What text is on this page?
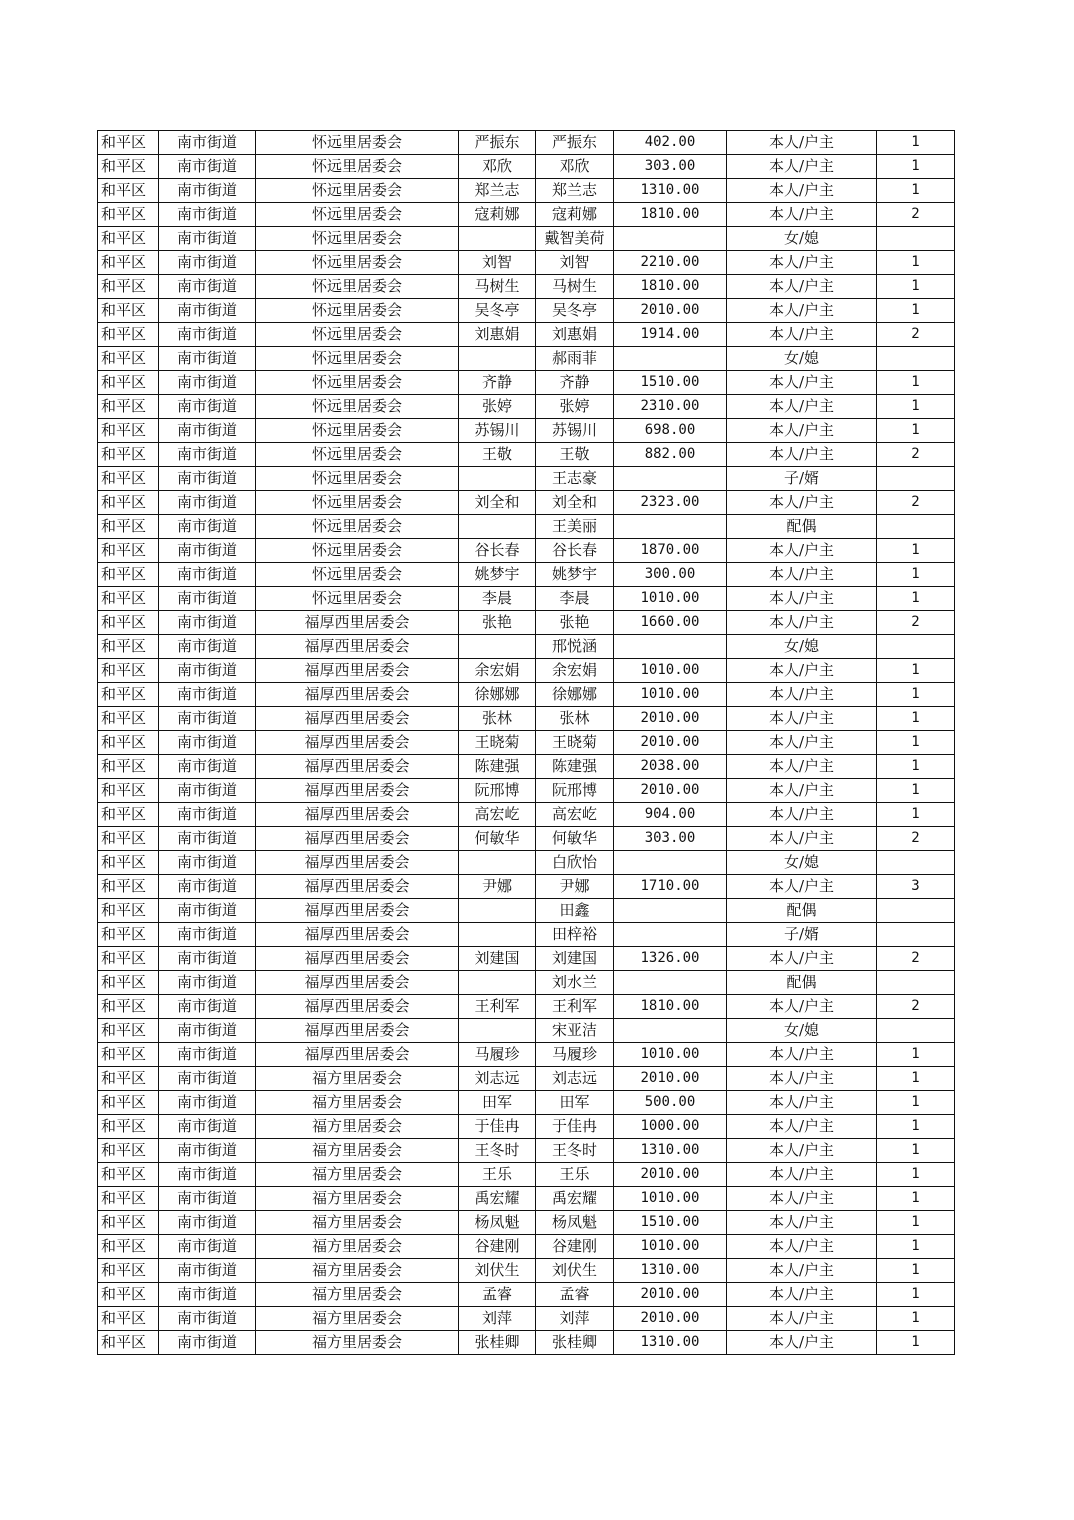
和平区	南市街道	怀远里居委会	严振东	严振东	402.00	本人/户主	1
和平区	南市街道	怀远里居委会	邓欣	邓欣	303.00	本人/户主	1
和平区	南市街道	怀远里居委会	郑兰志	郑兰志	1310.00	本人/户主	1
和平区	南市街道	怀远里居委会	寇莉娜	寇莉娜	1810.00	本人/户主	2
和平区	南市街道	怀远里居委会		戴智美荷		女/媳	
和平区	南市街道	怀远里居委会	刘智	刘智	2210.00	本人/户主	1
和平区	南市街道	怀远里居委会	马树生	马树生	1810.00	本人/户主	1
和平区	南市街道	怀远里居委会	吴冬亭	吴冬亭	2010.00	本人/户主	1
和平区	南市街道	怀远里居委会	刘惠娟	刘惠娟	1914.00	本人/户主	2
和平区	南市街道	怀远里居委会		郝雨菲		女/媳	
和平区	南市街道	怀远里居委会	齐静	齐静	1510.00	本人/户主	1
和平区	南市街道	怀远里居委会	张婷	张婷	2310.00	本人/户主	1
和平区	南市街道	怀远里居委会	苏锡川	苏锡川	698.00	本人/户主	1
和平区	南市街道	怀远里居委会	王敬	王敬	882.00	本人/户主	2
和平区	南市街道	怀远里居委会		王志豪		子/婿	
和平区	南市街道	怀远里居委会	刘全和	刘全和	2323.00	本人/户主	2
和平区	南市街道	怀远里居委会		王美丽		配偶	
和平区	南市街道	怀远里居委会	谷长春	谷长春	1870.00	本人/户主	1
和平区	南市街道	怀远里居委会	姚梦宇	姚梦宇	300.00	本人/户主	1
和平区	南市街道	怀远里居委会	李晨	李晨	1010.00	本人/户主	1
和平区	南市街道	福厚西里居委会	张艳	张艳	1660.00	本人/户主	2
和平区	南市街道	福厚西里居委会		邢悦涵		女/媳	
和平区	南市街道	福厚西里居委会	余宏娟	余宏娟	1010.00	本人/户主	1
和平区	南市街道	福厚西里居委会	徐娜娜	徐娜娜	1010.00	本人/户主	1
和平区	南市街道	福厚西里居委会	张林	张林	2010.00	本人/户主	1
和平区	南市街道	福厚西里居委会	王晓菊	王晓菊	2010.00	本人/户主	1
和平区	南市街道	福厚西里居委会	陈建强	陈建强	2038.00	本人/户主	1
和平区	南市街道	福厚西里居委会	阮邢博	阮邢博	2010.00	本人/户主	1
和平区	南市街道	福厚西里居委会	高宏屹	高宏屹	904.00	本人/户主	1
和平区	南市街道	福厚西里居委会	何敏华	何敏华	303.00	本人/户主	2
和平区	南市街道	福厚西里居委会		白欣怡		女/媳	
和平区	南市街道	福厚西里居委会	尹娜	尹娜	1710.00	本人/户主	3
和平区	南市街道	福厚西里居委会		田鑫		配偶	
和平区	南市街道	福厚西里居委会		田梓裕		子/婿	
和平区	南市街道	福厚西里居委会	刘建国	刘建国	1326.00	本人/户主	2
和平区	南市街道	福厚西里居委会		刘水兰		配偶	
和平区	南市街道	福厚西里居委会	王利军	王利军	1810.00	本人/户主	2
和平区	南市街道	福厚西里居委会		宋亚洁		女/媳	
和平区	南市街道	福厚西里居委会	马履珍	马履珍	1010.00	本人/户主	1
和平区	南市街道	福方里居委会	刘志远	刘志远	2010.00	本人/户主	1
和平区	南市街道	福方里居委会	田军	田军	500.00	本人/户主	1
和平区	南市街道	福方里居委会	于佳冉	于佳冉	1000.00	本人/户主	1
和平区	南市街道	福方里居委会	王冬时	王冬时	1310.00	本人/户主	1
和平区	南市街道	福方里居委会	王乐	王乐	2010.00	本人/户主	1
和平区	南市街道	福方里居委会	禹宏耀	禹宏耀	1010.00	本人/户主	1
和平区	南市街道	福方里居委会	杨凤魁	杨凤魁	1510.00	本人/户主	1
和平区	南市街道	福方里居委会	谷建刚	谷建刚	1010.00	本人/户主	1
和平区	南市街道	福方里居委会	刘伏生	刘伏生	1310.00	本人/户主	1
和平区	南市街道	福方里居委会	孟睿	孟睿	2010.00	本人/户主	1
和平区	南市街道	福方里居委会	刘萍	刘萍	2010.00	本人/户主	1
和平区	南市街道	福方里居委会	张桂卿	张桂卿	1310.00	本人/户主	1
